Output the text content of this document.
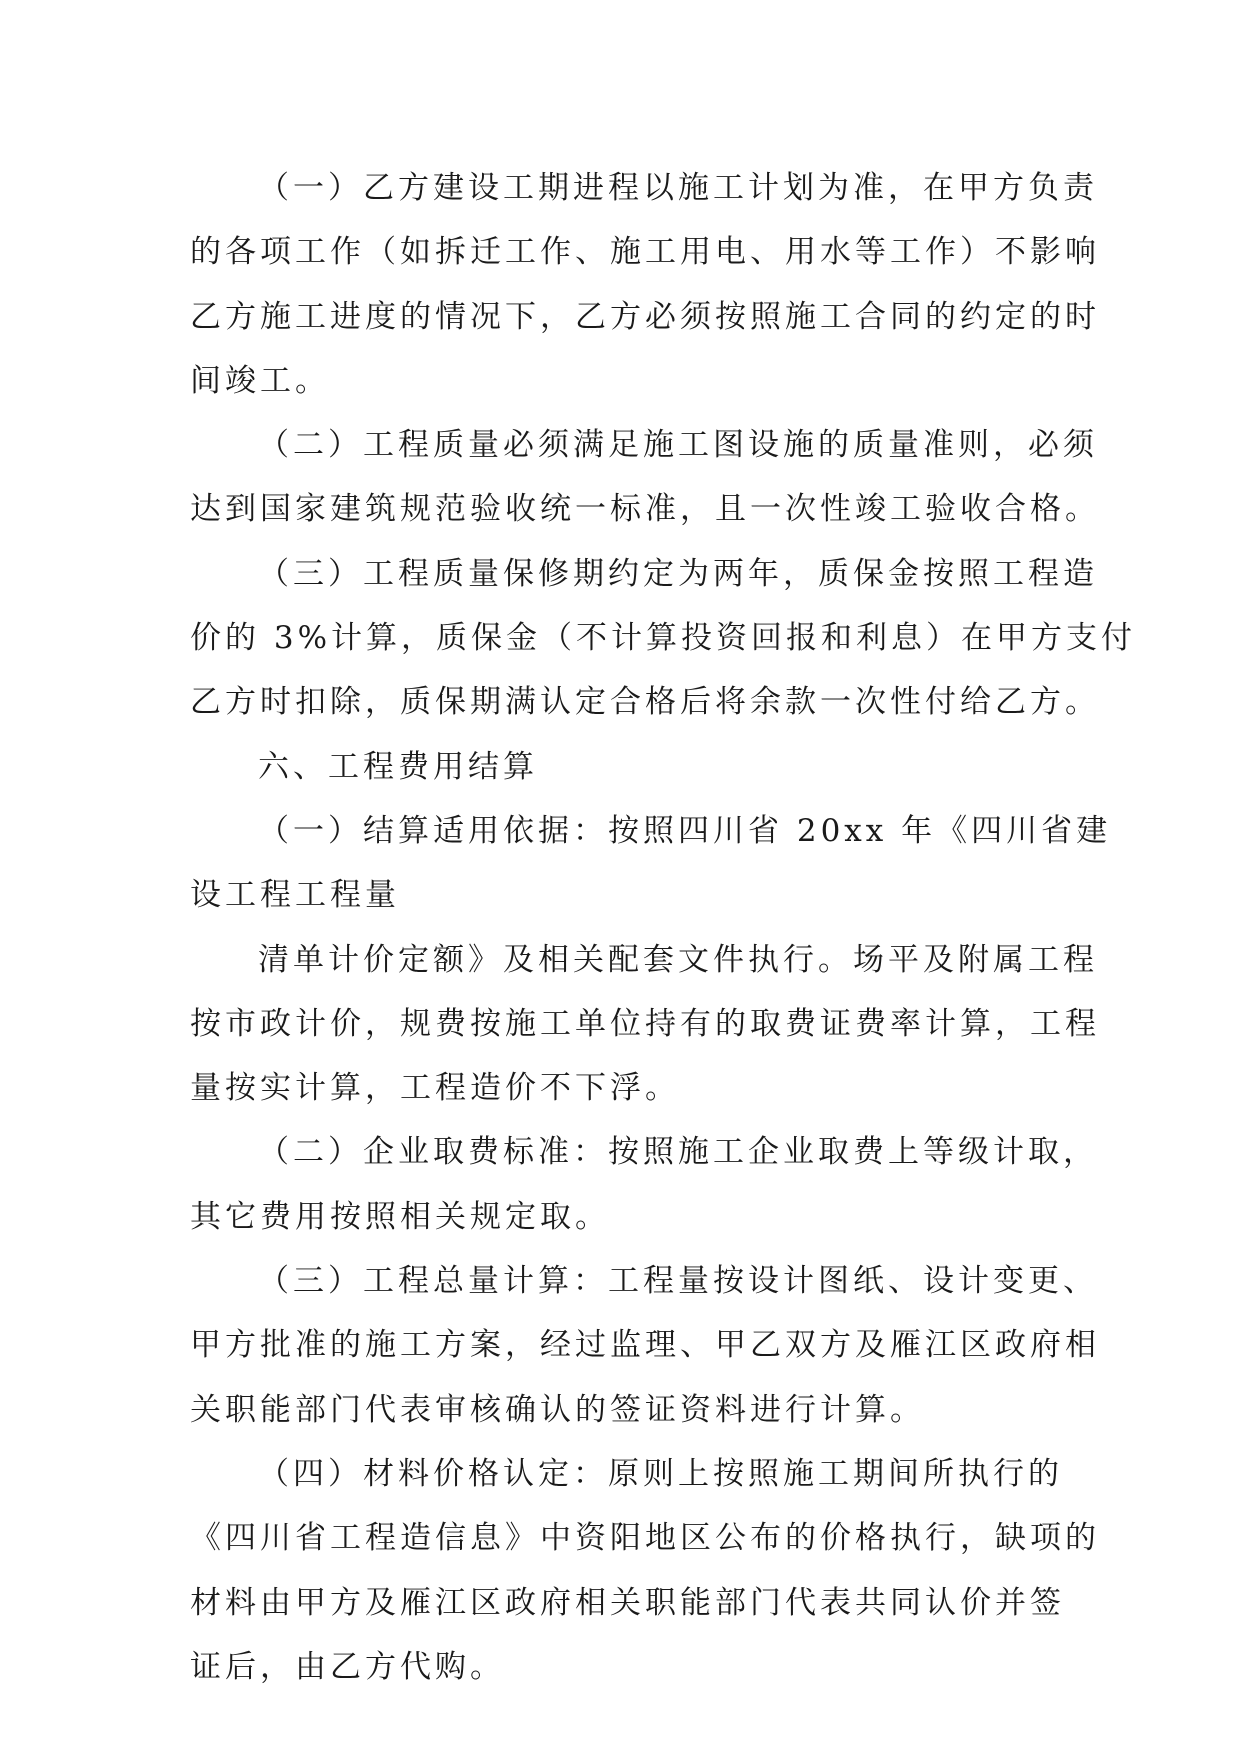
（一）乙方建设工期进程以施工计划为准，在甲方负责
的各项工作（如拆迁工作、施工用电、用水等工作）不影响
乙方施工进度的情况下，乙方必须按照施工合同的约定的时
间竣工。
（二）工程质量必须满足施工图设施的质量准则，必须
达到国家建筑规范验收统一标准，且一次性竣工验收合格。
（三）工程质量保修期约定为两年，质保金按照工程造
价的 3%计算，质保金（不计算投资回报和利息）在甲方支付
乙方时扣除，质保期满认定合格后将余款一次性付给乙方。
六、工程费用结算
（一）结算适用依据：按照四川省 20xx 年《四川省建
设工程工程量
清单计价定额》及相关配套文件执行。场平及附属工程
按市政计价，规费按施工单位持有的取费证费率计算，工程
量按实计算，工程造价不下浮。
（二）企业取费标准：按照施工企业取费上等级计取，
其它费用按照相关规定取。
（三）工程总量计算：工程量按设计图纸、设计变更、
甲方批准的施工方案，经过监理、甲乙双方及雁江区政府相
关职能部门代表审核确认的签证资料进行计算。
（四）材料价格认定：原则上按照施工期间所执行的
《四川省工程造信息》中资阳地区公布的价格执行，缺项的
材料由甲方及雁江区政府相关职能部门代表共同认价并签
证后，由乙方代购。
